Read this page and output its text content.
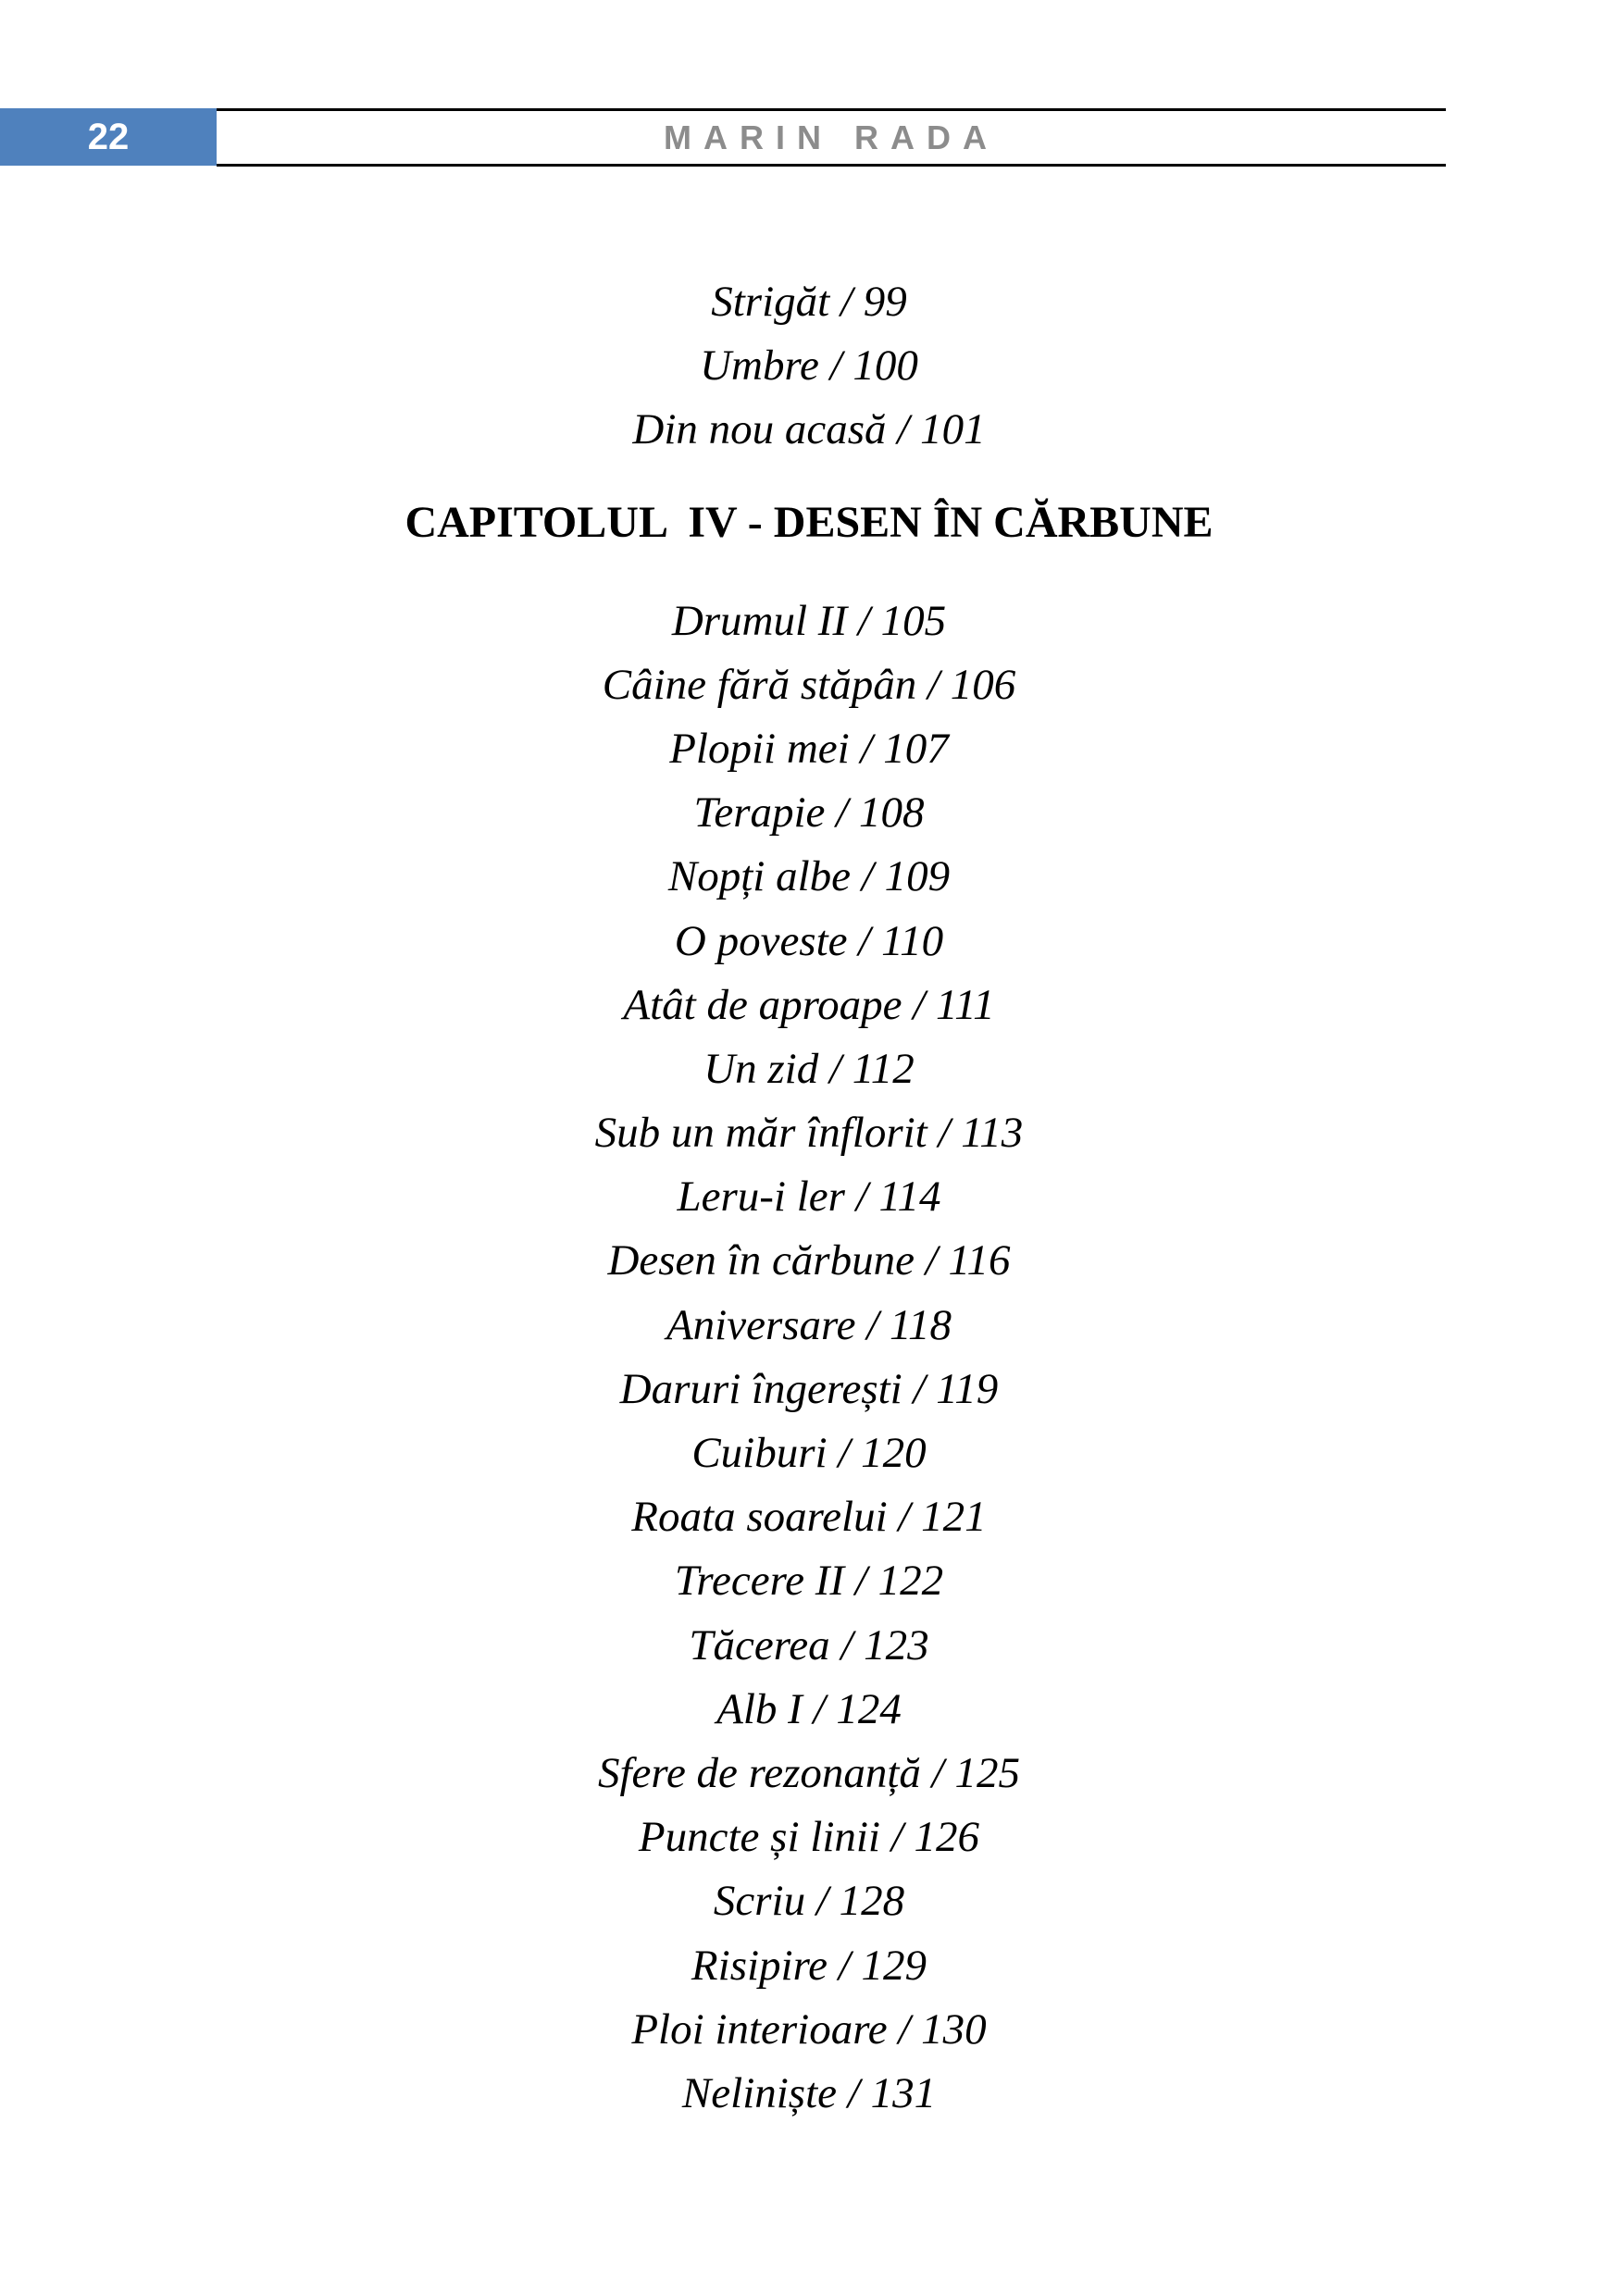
22	MARIN RADA
Strigăt / 99
Umbre / 100
Din nou acasă / 101
CAPITOLUL  IV - DESEN ÎN CĂRBUNE
Drumul II / 105
Câine fără stăpân / 106
Plopii mei / 107
Terapie / 108
Nopți albe / 109
O poveste / 110
Atât de aproape / 111
Un zid / 112
Sub un măr înflorit / 113
Leru-i ler / 114
Desen în cărbune / 116
Aniversare / 118
Daruri îngerești / 119
Cuiburi / 120
Roata soarelui / 121
Trecere II / 122
Tăcerea / 123
Alb I / 124
Sfere de rezonanță / 125
Puncte și linii / 126
Scriu / 128
Risipire / 129
Ploi interioare / 130
Neliniște / 131
